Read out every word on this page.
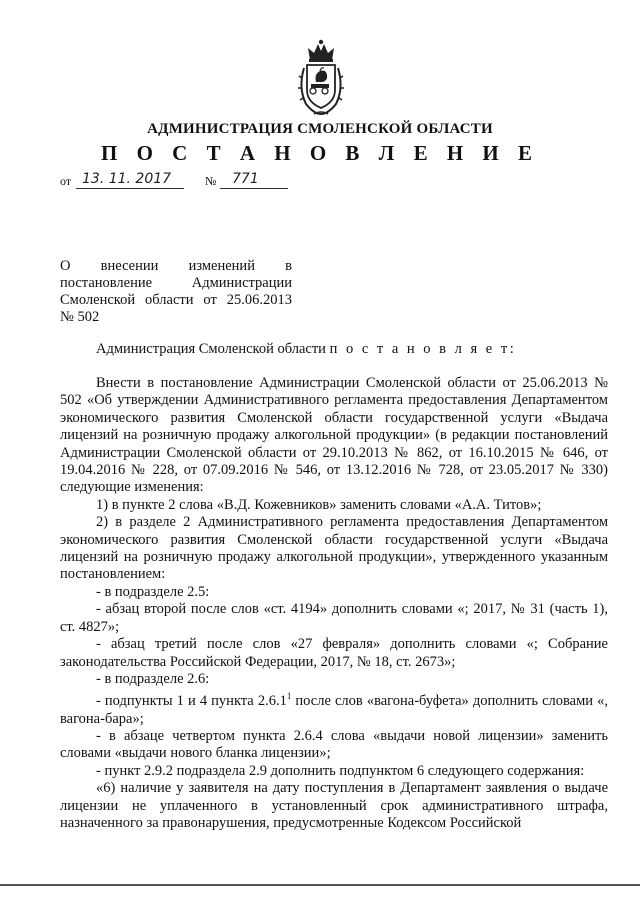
АДМИНИСТРАЦИЯ СМОЛЕНСКОЙ ОБЛАСТИ
П О С Т А Н О В Л Е Н И Е
от 13. 11. 2017	№ 771
О внесении изменений в
постановление Администрации
Смоленской области от 25.06.2013
№ 502
Администрация Смоленской области п о с т а н о в л я е т:

Внести в постановление Администрации Смоленской области от 25.06.2013 № 502 «Об утверждении Административного регламента предоставления Департаментом экономического развития Смоленской области государственной услуги «Выдача лицензий на розничную продажу алкогольной продукции» (в редакции постановлений Администрации Смоленской области от 29.10.2013 № 862, от 16.10.2015 № 646, от 19.04.2016 № 228, от 07.09.2016 № 546, от 13.12.2016 № 728, от 23.05.2017 № 330) следующие изменения:

1) в пункте 2 слова «В.Д. Кожевников» заменить словами «А.А. Титов»;

2) в разделе 2 Административного регламента предоставления Департаментом экономического развития Смоленской области государственной услуги «Выдача лицензий на розничную продажу алкогольной продукции», утвержденного указанным постановлением:

- в подразделе 2.5:

- абзац второй после слов «ст. 4194» дополнить словами «; 2017, № 31 (часть 1), ст. 4827»;

- абзац третий после слов «27 февраля» дополнить словами «; Собрание законодательства Российской Федерации, 2017, № 18, ст. 2673»;

- в подразделе 2.6:

- подпункты 1 и 4 пункта 2.6.1$^1$ после слов «вагона-буфета» дополнить словами «, вагона-бара»;

- в абзаце четвертом пункта 2.6.4 слова «выдачи новой лицензии» заменить словами «выдачи нового бланка лицензии»;

- пункт 2.9.2 подраздела 2.9 дополнить подпунктом 6 следующего содержания:

«6) наличие у заявителя на дату поступления в Департамент заявления о выдаче лицензии не уплаченного в установленный срок административного штрафа, назначенного за правонарушения, предусмотренные Кодексом Российской
